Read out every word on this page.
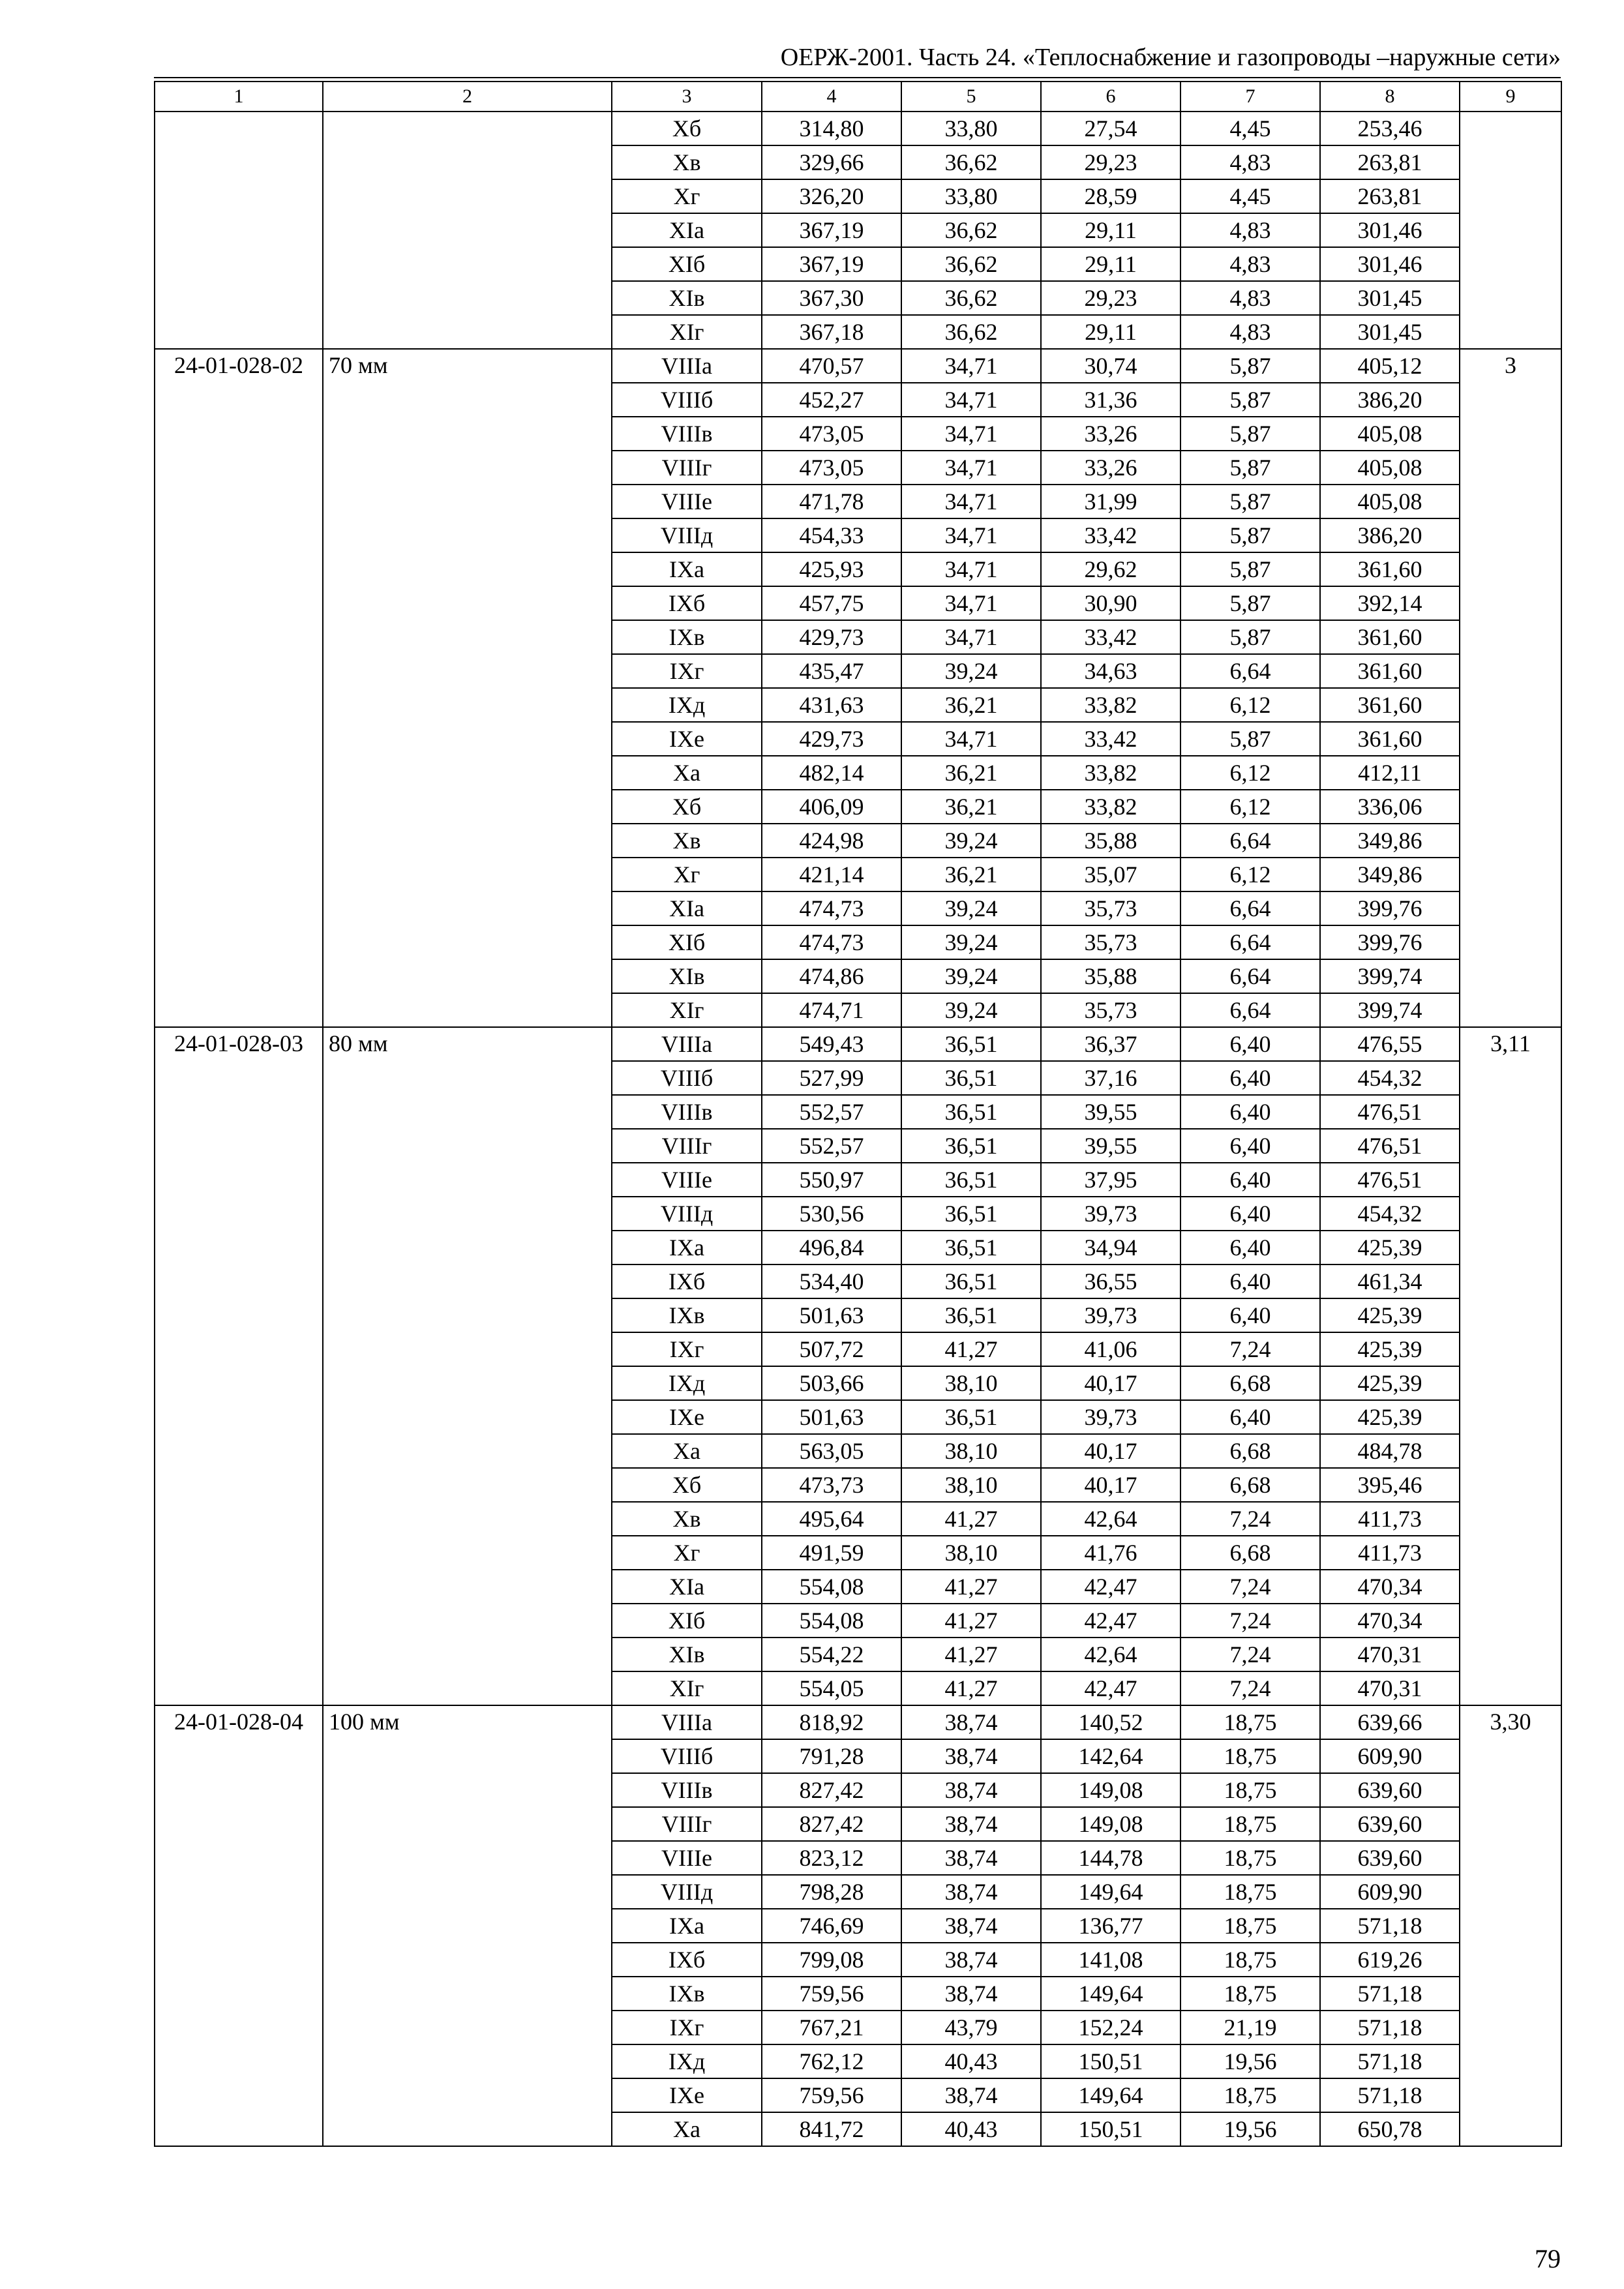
ОЕРЖ-2001. Часть 24. «Теплоснабжение и газопроводы –наружные сети»
1	2	3	4	5	6	7	8	9
		Xб	314,80	33,80	27,54	4,45	253,46	
		Xв	329,66	36,62	29,23	4,83	263,81	
		Xг	326,20	33,80	28,59	4,45	263,81	
		XIа	367,19	36,62	29,11	4,83	301,46	
		XIб	367,19	36,62	29,11	4,83	301,46	
		XIв	367,30	36,62	29,23	4,83	301,45	
		XIг	367,18	36,62	29,11	4,83	301,45	
24-01-028-02	70 мм	VIIIа	470,57	34,71	30,74	5,87	405,12	3
		VIIIб	452,27	34,71	31,36	5,87	386,20	
		VIIIв	473,05	34,71	33,26	5,87	405,08	
		VIIIг	473,05	34,71	33,26	5,87	405,08	
		VIIIе	471,78	34,71	31,99	5,87	405,08	
		VIIIд	454,33	34,71	33,42	5,87	386,20	
		IXа	425,93	34,71	29,62	5,87	361,60	
		IXб	457,75	34,71	30,90	5,87	392,14	
		IXв	429,73	34,71	33,42	5,87	361,60	
		IXг	435,47	39,24	34,63	6,64	361,60	
		IXд	431,63	36,21	33,82	6,12	361,60	
		IXе	429,73	34,71	33,42	5,87	361,60	
		Xа	482,14	36,21	33,82	6,12	412,11	
		Xб	406,09	36,21	33,82	6,12	336,06	
		Xв	424,98	39,24	35,88	6,64	349,86	
		Xг	421,14	36,21	35,07	6,12	349,86	
		XIа	474,73	39,24	35,73	6,64	399,76	
		XIб	474,73	39,24	35,73	6,64	399,76	
		XIв	474,86	39,24	35,88	6,64	399,74	
		XIг	474,71	39,24	35,73	6,64	399,74	
24-01-028-03	80 мм	VIIIа	549,43	36,51	36,37	6,40	476,55	3,11
		VIIIб	527,99	36,51	37,16	6,40	454,32	
		VIIIв	552,57	36,51	39,55	6,40	476,51	
		VIIIг	552,57	36,51	39,55	6,40	476,51	
		VIIIе	550,97	36,51	37,95	6,40	476,51	
		VIIIд	530,56	36,51	39,73	6,40	454,32	
		IXа	496,84	36,51	34,94	6,40	425,39	
		IXб	534,40	36,51	36,55	6,40	461,34	
		IXв	501,63	36,51	39,73	6,40	425,39	
		IXг	507,72	41,27	41,06	7,24	425,39	
		IXд	503,66	38,10	40,17	6,68	425,39	
		IXе	501,63	36,51	39,73	6,40	425,39	
		Xа	563,05	38,10	40,17	6,68	484,78	
		Xб	473,73	38,10	40,17	6,68	395,46	
		Xв	495,64	41,27	42,64	7,24	411,73	
		Xг	491,59	38,10	41,76	6,68	411,73	
		XIа	554,08	41,27	42,47	7,24	470,34	
		XIб	554,08	41,27	42,47	7,24	470,34	
		XIв	554,22	41,27	42,64	7,24	470,31	
		XIг	554,05	41,27	42,47	7,24	470,31	
24-01-028-04	100 мм	VIIIа	818,92	38,74	140,52	18,75	639,66	3,30
		VIIIб	791,28	38,74	142,64	18,75	609,90	
		VIIIв	827,42	38,74	149,08	18,75	639,60	
		VIIIг	827,42	38,74	149,08	18,75	639,60	
		VIIIе	823,12	38,74	144,78	18,75	639,60	
		VIIIд	798,28	38,74	149,64	18,75	609,90	
		IXа	746,69	38,74	136,77	18,75	571,18	
		IXб	799,08	38,74	141,08	18,75	619,26	
		IXв	759,56	38,74	149,64	18,75	571,18	
		IXг	767,21	43,79	152,24	21,19	571,18	
		IXд	762,12	40,43	150,51	19,56	571,18	
		IXе	759,56	38,74	149,64	18,75	571,18	
		Xа	841,72	40,43	150,51	19,56	650,78	
79
